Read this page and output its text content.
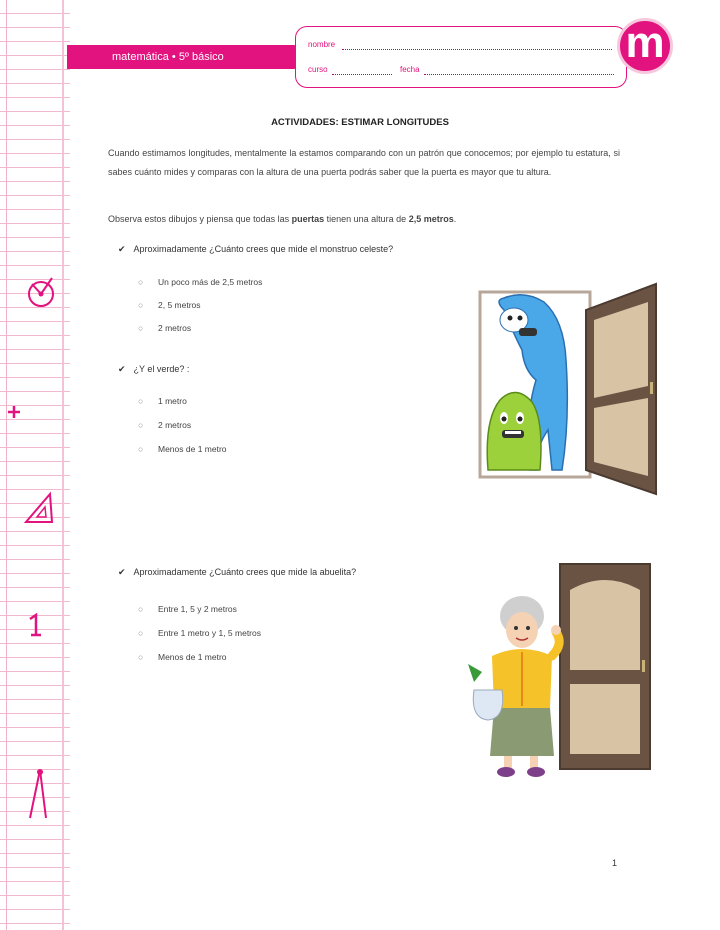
matemática • 5º básico
nombre
curso	fecha
m
ACTIVIDADES: ESTIMAR LONGITUDES
Cuando estimamos longitudes, mentalmente la estamos comparando con un patrón que conocemos; por ejemplo tu estatura, si sabes cuánto mides y comparas con la altura de una puerta podrás saber que la puerta es mayor que tu altura.
Observa estos dibujos y piensa que todas las puertas tienen una altura de 2,5 metros.
✔ Aproximadamente ¿Cuánto crees que mide el monstruo celeste?
○ Un poco más de 2,5 metros
○ 2, 5 metros
○ 2 metros
✔ ¿Y el verde? :
○ 1 metro
○ 2 metros
○ Menos de 1 metro
✔ Aproximadamente ¿Cuánto crees que mide la abuelita?
○ Entre 1, 5 y 2 metros
○ Entre 1 metro y 1, 5 metros
○ Menos de 1 metro
1
